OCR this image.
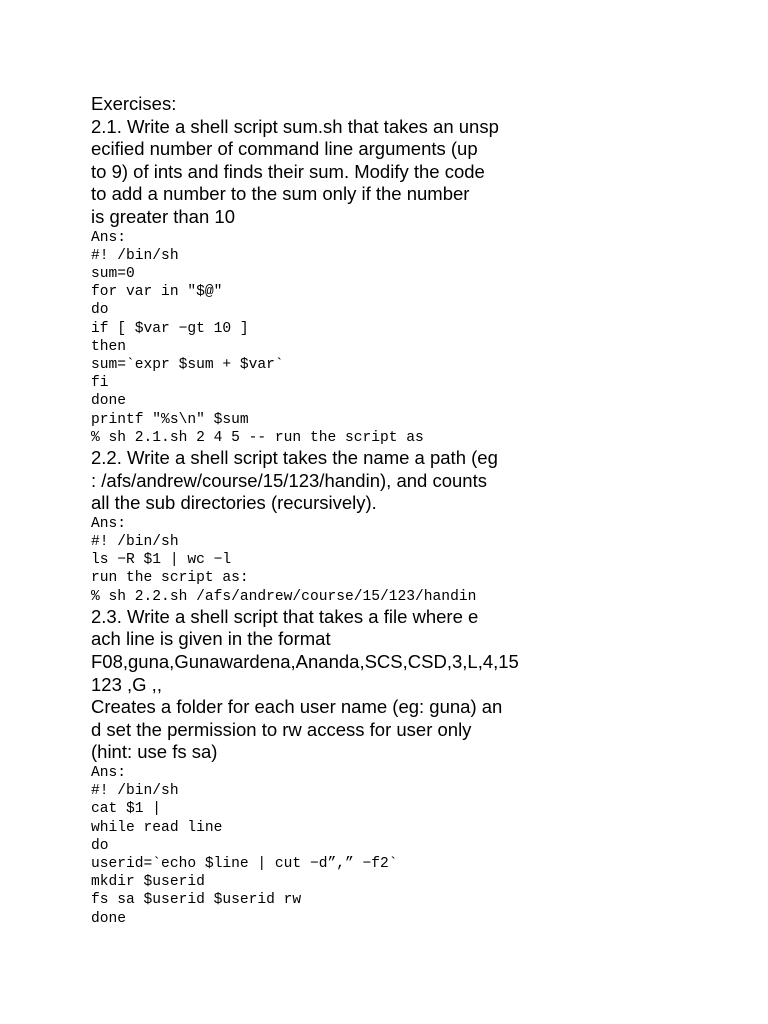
Exercises:

2.1. Write a shell script sum.sh that takes an unsp

ecified number of command line arguments (up

to 9) of ints and finds their sum. Modify the code

to add a number to the sum only if the number

is greater than 10

Ans:

#! /bin/sh

sum=0

for var in "$@"

do

if [ $var −gt 10 ]

then

sum=`expr $sum + $var`

fi

done

printf "%s\n" $sum

% sh 2.1.sh 2 4 5 -- run the script as

2.2. Write a shell script takes the name a path (eg

: /afs/andrew/course/15/123/handin), and counts

all the sub directories (recursively).

Ans:

#! /bin/sh

ls −R $1 | wc −l

run the script as:

% sh 2.2.sh /afs/andrew/course/15/123/handin

2.3. Write a shell script that takes a file where e

ach line is given in the format

F08,guna,Gunawardena,Ananda,SCS,CSD,3,L,4,15

123 ,G ,,

Creates a folder for each user name (eg: guna) an

d set the permission to rw access for user only

(hint: use fs sa)

Ans:

#! /bin/sh

cat $1 |

while read line

do

userid=`echo $line | cut −d”,” −f2`

mkdir $userid

fs sa $userid $userid rw

done
